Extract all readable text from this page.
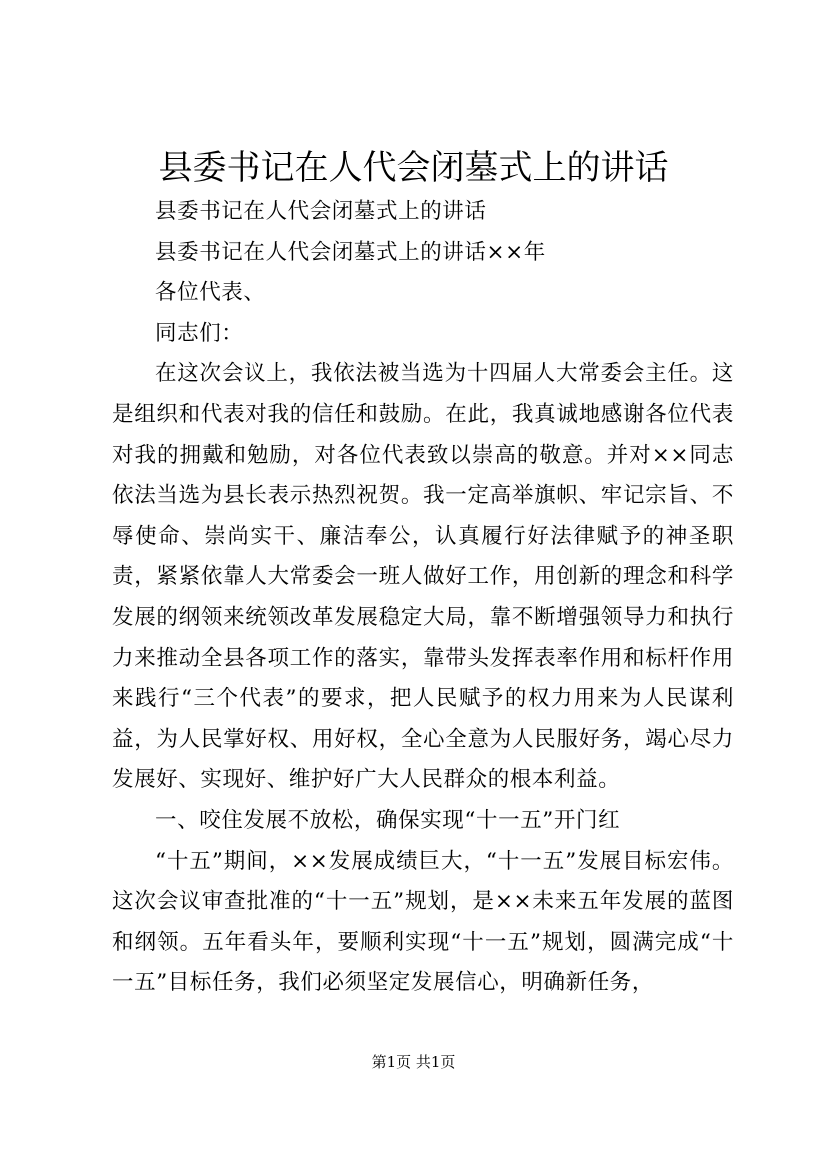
县委书记在人代会闭墓式上的讲话

县委书记在人代会闭墓式上的讲话

县委书记在人代会闭墓式上的讲话××年

各位代表、

同志们：

在这次会议上，我依法被当选为十四届人大常委会主任。这是组织和代表对我的信任和鼓励。在此，我真诚地感谢各位代表对我的拥戴和勉励，对各位代表致以崇高的敬意。并对××同志依法当选为县长表示热烈祝贺。我一定高举旗帜、牢记宗旨、不辱使命、崇尚实干、廉洁奉公，认真履行好法律赋予的神圣职责，紧紧依靠人大常委会一班人做好工作，用创新的理念和科学发展的纲领来统领改革发展稳定大局，靠不断增强领导力和执行力来推动全县各项工作的落实，靠带头发挥表率作用和标杆作用来践行“三个代表”的要求，把人民赋予的权力用来为人民谋利益，为人民掌好权、用好权，全心全意为人民服好务，竭心尽力发展好、实现好、维护好广大人民群众的根本利益。

一、咬住发展不放松，确保实现“十一五”开门红

“十五”期间，××发展成绩巨大，“十一五”发展目标宏伟。这次会议审查批准的“十一五”规划，是××未来五年发展的蓝图和纲领。五年看头年，要顺利实现“十一五”规划，圆满完成“十一五”目标任务，我们必须坚定发展信心，明确新任务，

第1页 共1页
